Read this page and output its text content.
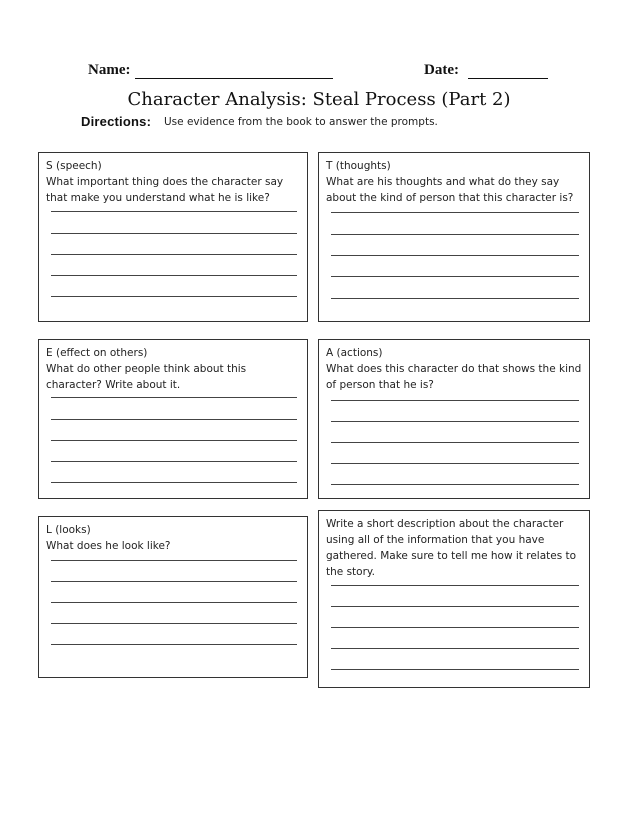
Name:	Date:
Character Analysis: Steal Process (Part 2)
Directions: Use evidence from the book to answer the prompts.
S (speech)
What important thing does the character say that make you understand what he is like?
T (thoughts)
What are his thoughts and what do they say about the kind of person that this character is?
E (effect on others)
What do other people think about this character? Write about it.
A (actions)
What does this character do that shows the kind of person that he is?
L (looks)
What does he look like?
Write a short description about the character using all of the information that you have gathered. Make sure to tell me how it relates to the story.
